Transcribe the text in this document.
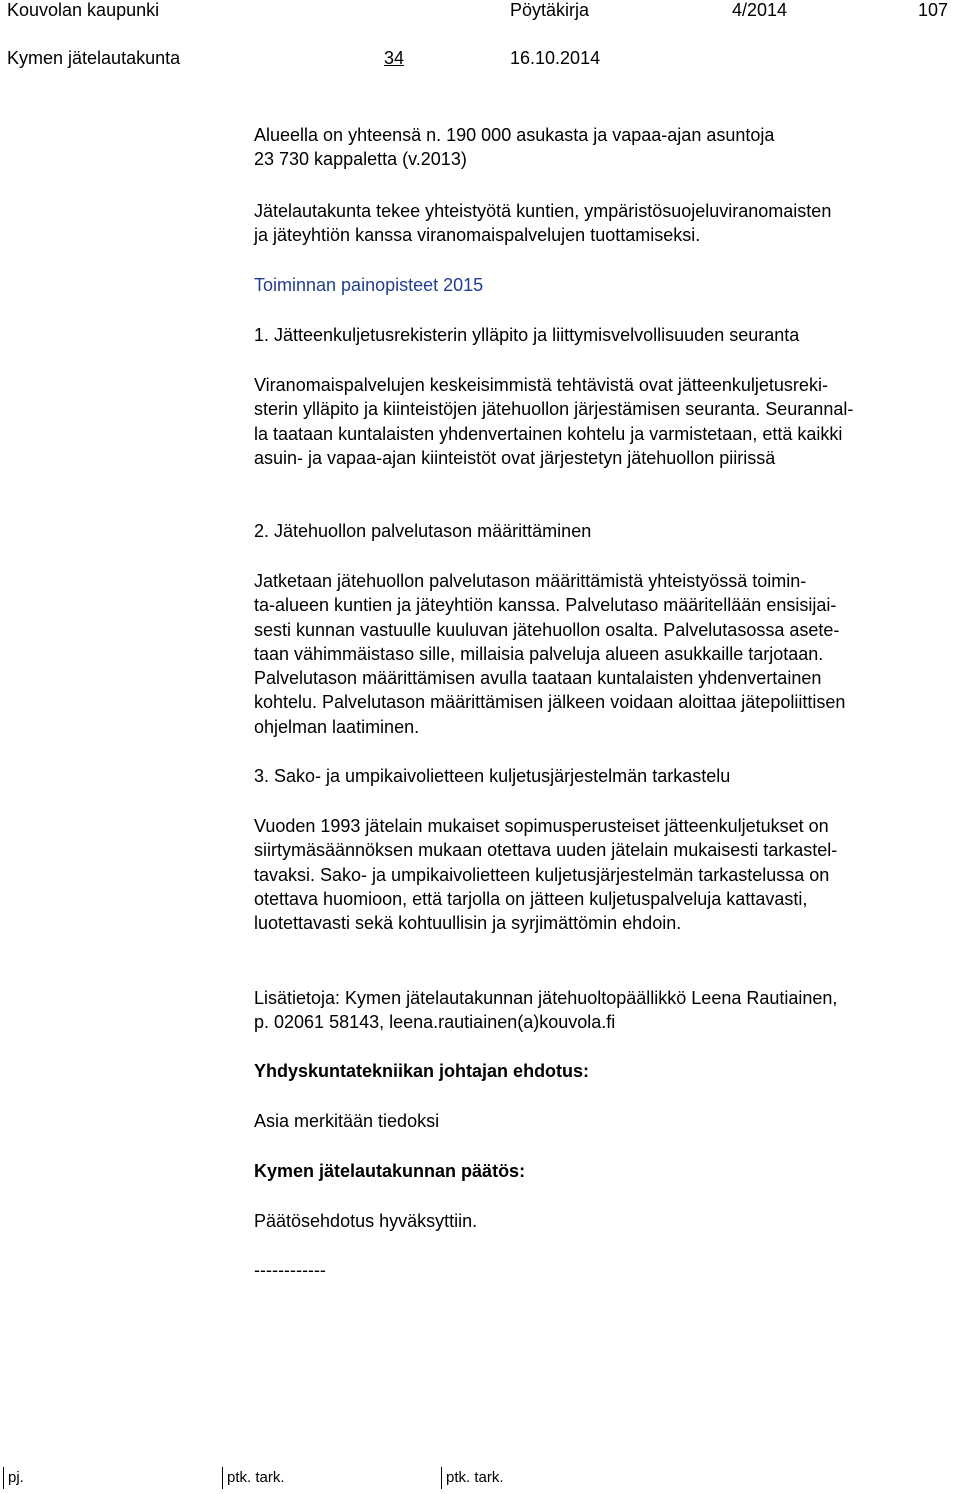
Kouvolan kaupunki	Pöytäkirja	4/2014	107
Kymen jätelautakunta	34	16.10.2014
Alueella on yhteensä n. 190 000 asukasta ja vapaa-ajan asuntoja
23 730 kappaletta (v.2013)
Jätelautakunta tekee yhteistyötä kuntien, ympäristösuojeluviranomaisten
ja jäteyhtiön kanssa viranomaispalvelujen tuottamiseksi.
Toiminnan painopisteet 2015
1. Jätteenkuljetusrekisterin ylläpito ja liittymisvelvollisuuden seuranta
Viranomaispalvelujen keskeisimmistä tehtävistä ovat jätteenkuljetusreki-
sterin ylläpito ja kiinteistöjen jätehuollon järjestämisen seuranta. Seurannal-
la taataan kuntalaisten yhdenvertainen kohtelu ja varmistetaan, että kaikki
asuin- ja vapaa-ajan kiinteistöt ovat järjestetyn jätehuollon piirissä
2. Jätehuollon palvelutason määrittäminen
Jatketaan jätehuollon palvelutason määrittämistä yhteistyössä toimin-
ta-alueen kuntien ja jäteyhtiön kanssa. Palvelutaso määritellään ensisijai-
sesti kunnan vastuulle kuuluvan jätehuollon osalta. Palvelutasossa asete-
taan vähimmäistaso sille, millaisia palveluja alueen asukkaille tarjotaan.
Palvelutason määrittämisen avulla taataan kuntalaisten yhdenvertainen
kohtelu. Palvelutason määrittämisen jälkeen voidaan aloittaa jätepoliittisen
ohjelman laatiminen.
3. Sako- ja umpikaivolietteen kuljetusjärjestelmän tarkastelu
Vuoden 1993 jätelain mukaiset sopimusperusteiset jätteenkuljetukset on
siirtymäsäännöksen mukaan otettava uuden jätelain mukaisesti tarkastel-
tavaksi. Sako- ja umpikaivolietteen kuljetusjärjestelmän tarkastelussa on
otettava huomioon, että tarjolla on jätteen kuljetuspalveluja kattavasti,
luotettavasti sekä kohtuullisin ja syrjimättömin ehdoin.
Lisätietoja: Kymen jätelautakunnan jätehuoltopäällikkö Leena Rautiainen,
p. 02061 58143, leena.rautiainen(a)kouvola.fi
Yhdyskuntatekniikan johtajan ehdotus:
Asia merkitään tiedoksi
Kymen jätelautakunnan päätös:
Päätösehdotus hyväksyttiin.
------------
pj.	ptk. tark.	ptk. tark.
